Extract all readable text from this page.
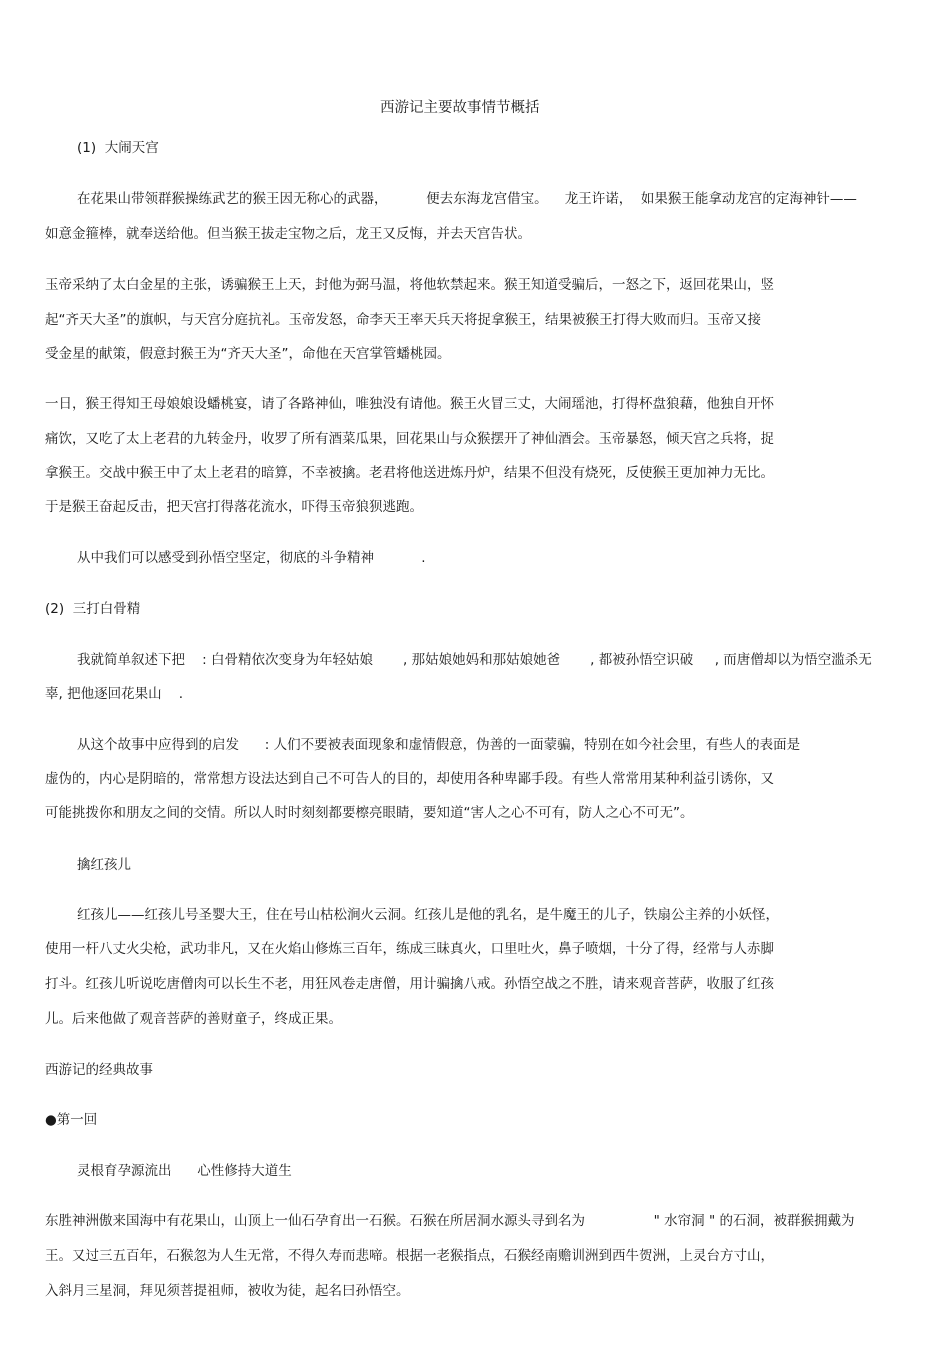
西游记主要故事情节概括
(1)  大闹天宫
在花果山带领群猴操练武艺的猴王因无称心的武器，         便去东海龙宫借宝。    龙王许诺，  如果猴王能拿动龙宫的定海神针——
如意金箍棒，就奉送给他。但当猴王拔走宝物之后，龙王又反悔，并去天宫告状。
玉帝采纳了太白金星的主张，诱骗猴王上天，封他为弼马温，将他软禁起来。猴王知道受骗后，一怒之下，返回花果山，竖
起“齐天大圣”的旗帜，与天宫分庭抗礼。玉帝发怒，命李天王率天兵天将捉拿猴王，结果被猴王打得大败而归。玉帝又接
受金星的献策，假意封猴王为“齐天大圣”，命他在天宫掌管蟠桃园。
一日，猴王得知王母娘娘设蟠桃宴，请了各路神仙，唯独没有请他。猴王火冒三丈，大闹瑶池，打得杯盘狼藉，他独自开怀
痛饮，又吃了太上老君的九转金丹，收罗了所有酒菜瓜果，回花果山与众猴摆开了神仙酒会。玉帝暴怒，倾天宫之兵将，捉
拿猴王。交战中猴王中了太上老君的暗算，不幸被擒。老君将他送进炼丹炉，结果不但没有烧死，反使猴王更加神力无比。
于是猴王奋起反击，把天宫打得落花流水，吓得玉帝狼狈逃跑。
从中我们可以感受到孙悟空坚定，彻底的斗争精神           .
(2)  三打白骨精
我就简单叙述下把    : 白骨精依次变身为年轻姑娘       , 那姑娘她妈和那姑娘她爸       , 都被孙悟空识破     , 而唐僧却以为悟空滥杀无
辜, 把他逐回花果山    .
从这个故事中应得到的启发      : 人们不要被表面现象和虚情假意，伪善的一面蒙骗，特别在如今社会里，有些人的表面是
虚伪的，内心是阴暗的，常常想方设法达到自己不可告人的目的，却使用各种卑鄙手段。有些人常常用某种利益引诱你，又
可能挑拨你和朋友之间的交情。所以人时时刻刻都要檫亮眼睛，要知道“害人之心不可有，防人之心不可无”。
擒红孩儿
红孩儿——红孩儿号圣婴大王，住在号山枯松涧火云洞。红孩儿是他的乳名，是牛魔王的儿子，铁扇公主养的小妖怪，
使用一杆八丈火尖枪，武功非凡，又在火焰山修炼三百年，练成三昧真火，口里吐火，鼻子喷烟，十分了得，经常与人赤脚
打斗。红孩儿听说吃唐僧肉可以长生不老，用狂风卷走唐僧，用计骗擒八戒。孙悟空战之不胜，请来观音菩萨，收服了红孩
儿。后来他做了观音菩萨的善财童子，终成正果。
西游记的经典故事
●第一回
灵根育孕源流出      心性修持大道生
东胜神洲傲来国海中有花果山，山顶上一仙石孕育出一石猴。石猴在所居洞水源头寻到名为                " 水帘洞 " 的石洞，被群猴拥戴为
王。又过三五百年，石猴忽为人生无常，不得久寿而悲啼。根据一老猴指点，石猴经南赡训洲到西牛贺洲，上灵台方寸山，
入斜月三星洞，拜见须菩提祖师，被收为徒，起名曰孙悟空。
